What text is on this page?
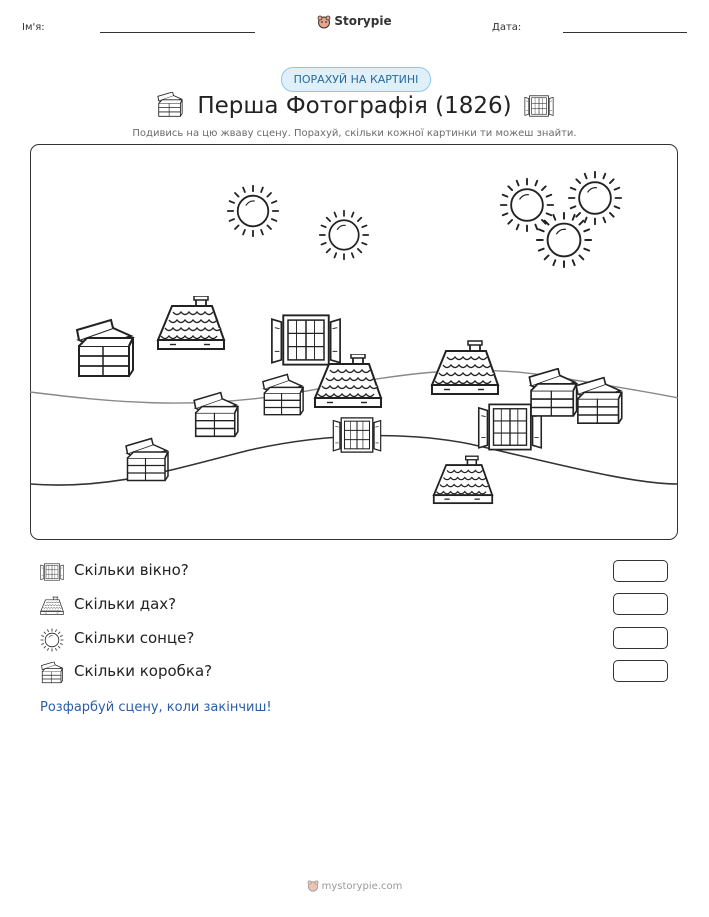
Ім'я:	Storypie	Дата:
ПОРАХУЙ НА КАРТИНІ
Перша Фотографія (1826)
Подивись на цю жваву сцену. Порахуй, скільки кожної картинки ти можеш знайти.
Скільки вікно?
Скільки дах?
Скільки сонце?
Скільки коробка?
Розфарбуй сцену, коли закінчиш!
mystorypie.com
